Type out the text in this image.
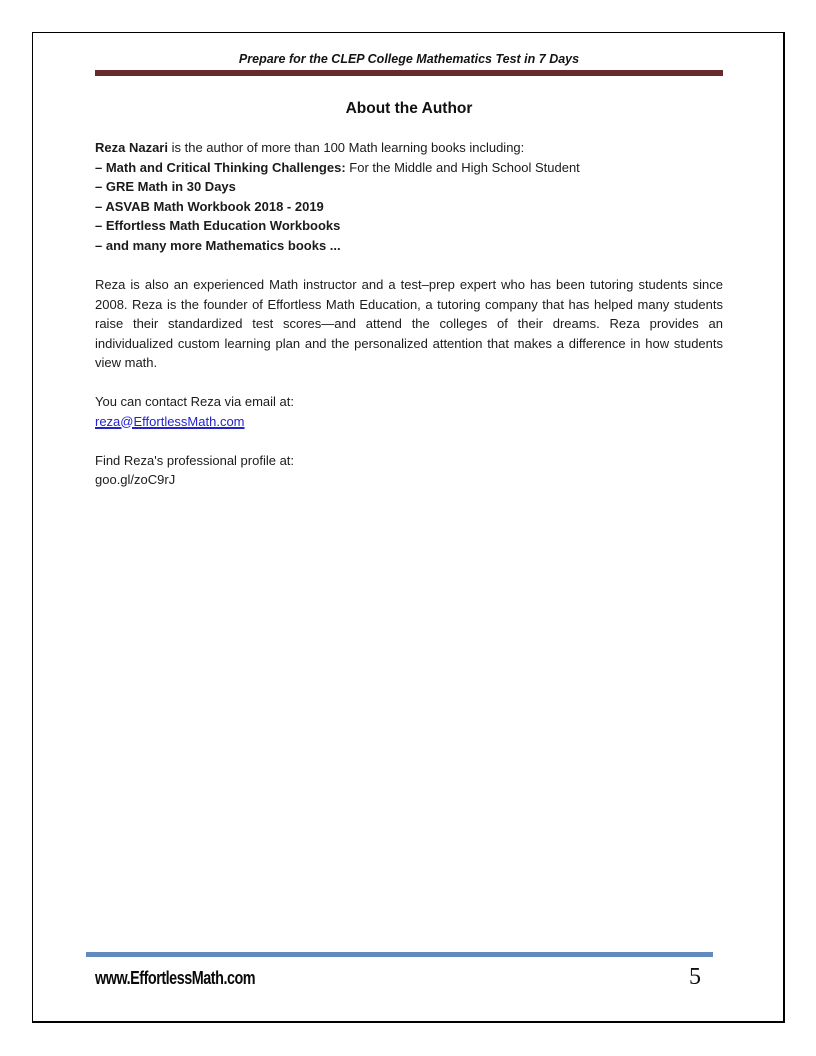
Prepare for the CLEP College Mathematics Test in 7 Days
About the Author

Reza Nazari is the author of more than 100 Math learning books including:

– Math and Critical Thinking Challenges: For the Middle and High School Student

– GRE Math in 30 Days

– ASVAB Math Workbook 2018 - 2019

– Effortless Math Education Workbooks

– and many more Mathematics books ...

Reza is also an experienced Math instructor and a test–prep expert who has been tutoring students since 2008. Reza is the founder of Effortless Math Education, a tutoring company that has helped many students raise their standardized test scores—and attend the colleges of their dreams. Reza provides an individualized custom learning plan and the personalized attention that makes a difference in how students view math.

You can contact Reza via email at:

reza@EffortlessMath.com

Find Reza's professional profile at:

goo.gl/zoC9rJ

www.EffortlessMath.com	5
